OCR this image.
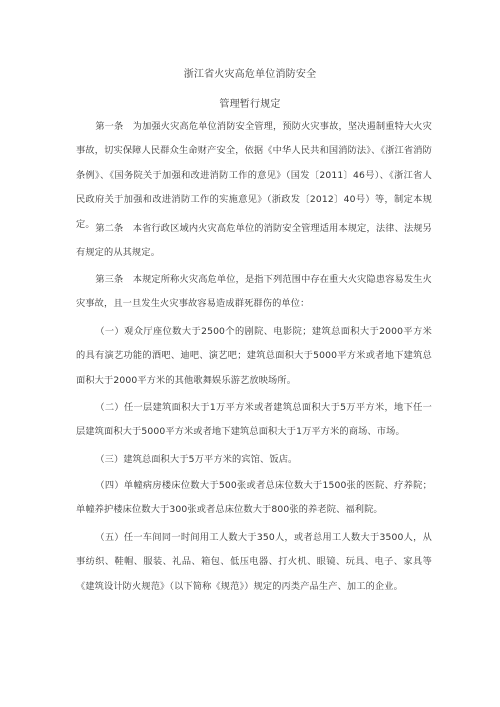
浙江省火灾高危单位消防安全
管理暂行规定

第一条　为加强火灾高危单位消防安全管理，预防火灾事故，坚决遏制重特大火灾事故，切实保障人民群众生命财产安全，依据《中华人民共和国消防法》、《浙江省消防条例》、《国务院关于加强和改进消防工作的意见》（国发〔2011〕46号）、《浙江省人民政府关于加强和改进消防工作的实施意见》（浙政发〔2012〕40号）等，制定本规定。 第二条　本省行政区域内火灾高危单位的消防安全管理适用本规定，法律、法规另有规定的从其规定。

第三条　本规定所称火灾高危单位，是指下列范围中存在重大火灾隐患容易发生火灾事故，且一旦发生火灾事故容易造成群死群伤的单位：

（一）观众厅座位数大于2500个的剧院、电影院；建筑总面积大于2000平方米的具有演艺功能的酒吧、迪吧、演艺吧；建筑总面积大于5000平方米或者地下建筑总面积大于2000平方米的其他歌舞娱乐游艺放映场所。

（二）任一层建筑面积大于1万平方米或者建筑总面积大于5万平方米，地下任一层建筑面积大于5000平方米或者地下建筑总面积大于1万平方米的商场、市场。

（三）建筑总面积大于5万平方米的宾馆、饭店。

（四）单幢病房楼床位数大于500张或者总床位数大于1500张的医院、疗养院；单幢养护楼床位数大于300张或者总床位数大于800张的养老院、福利院。

（五）任一车间同一时间用工人数大于350人，或者总用工人数大于3500人，从事纺织、鞋帽、服装、礼品、箱包、低压电器、打火机、眼镜、玩具、电子、家具等《建筑设计防火规范》（以下简称《规范》）规定的丙类产品生产、加工的企业。
